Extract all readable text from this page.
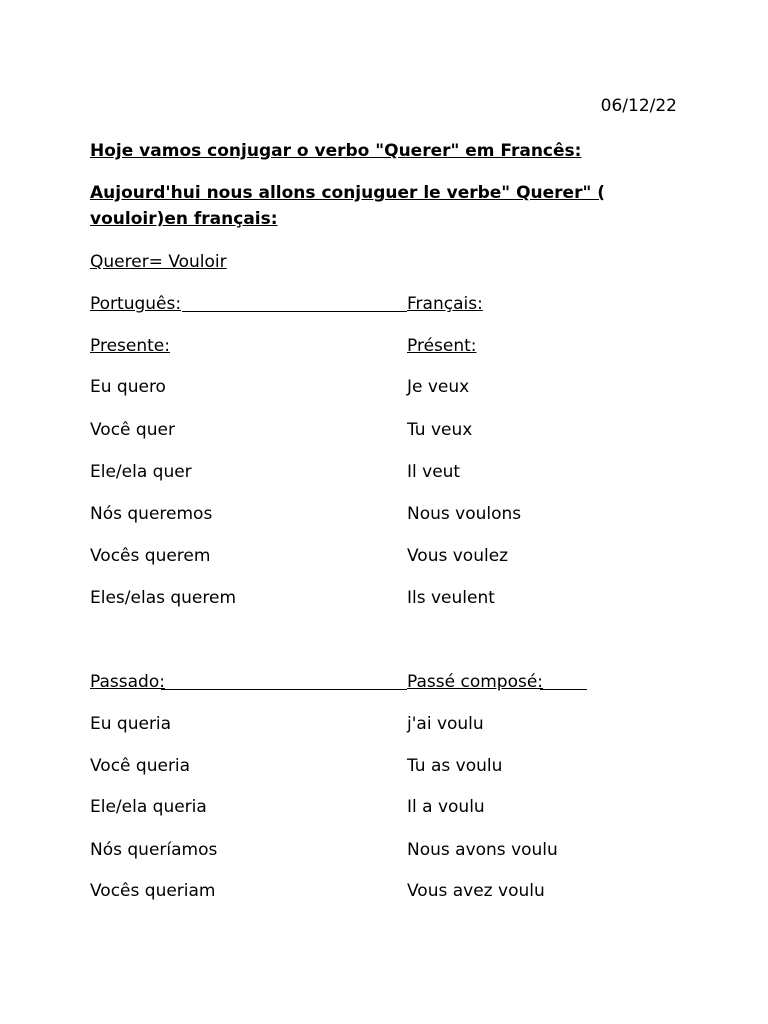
06/12/22
Hoje vamos conjugar o verbo "Querer" em Francês:
Aujourd'hui nous allons conjuguer le verbe" Querer" ( vouloir)en français:
Querer= Vouloir
Português:	Français:
Presente:	Présent:
Eu quero	Je veux
Você quer	Tu veux
Ele/ela quer	Il veut
Nós queremos	Nous voulons
Vocês querem	Vous voulez
Eles/elas querem	Ils veulent
Passado:	Passé composé:
Eu queria	j'ai voulu
Você queria	Tu as voulu
Ele/ela queria	Il a voulu
Nós queríamos	Nous avons voulu
Vocês queriam	Vous avez voulu
